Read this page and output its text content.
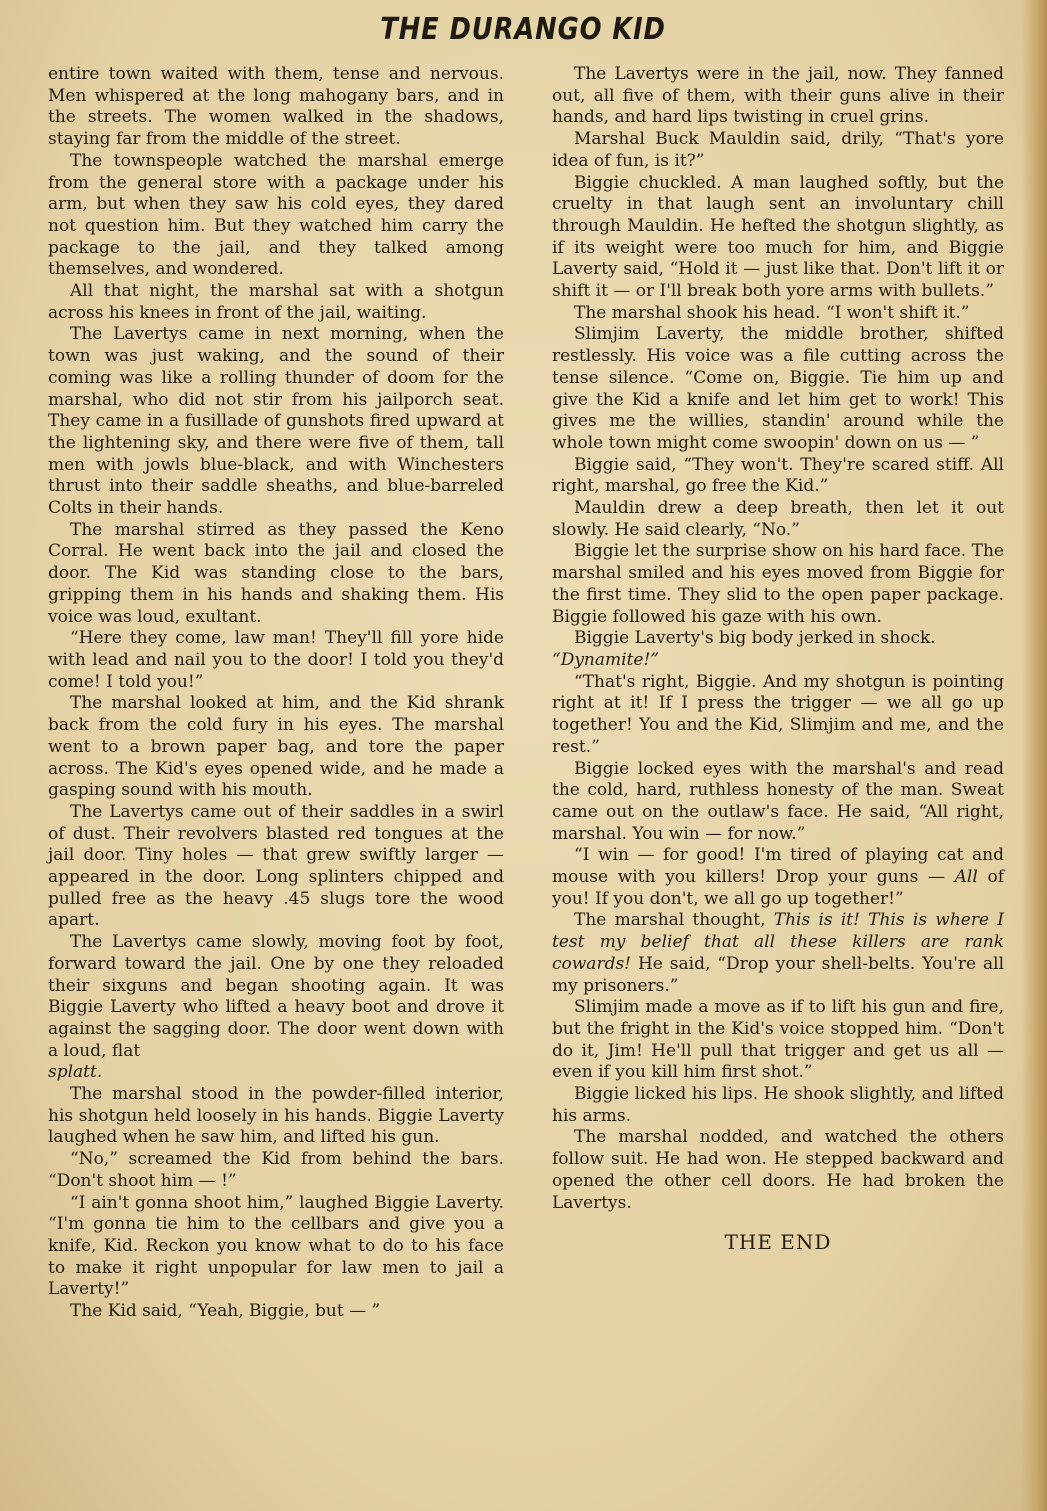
THE DURANGO KID

entire town waited with them, tense and nervous. Men whispered at the long mahogany bars, and in the streets. The women walked in the shadows, staying far from the middle of the street.

The townspeople watched the marshal emerge from the general store with a package under his arm, but when they saw his cold eyes, they dared not question him. But they watched him carry the package to the jail, and they talked among themselves, and wondered.

All that night, the marshal sat with a shotgun across his knees in front of the jail, waiting.

The Lavertys came in next morning, when the town was just waking, and the sound of their coming was like a rolling thunder of doom for the marshal, who did not stir from his jailporch seat. They came in a fusillade of gunshots fired upward at the lightening sky, and there were five of them, tall men with jowls blue-black, and with Winchesters thrust into their saddle sheaths, and blue-barreled Colts in their hands.

The marshal stirred as they passed the Keno Corral. He went back into the jail and closed the door. The Kid was standing close to the bars, gripping them in his hands and shaking them. His voice was loud, exultant.

“Here they come, law man! They'll fill yore hide with lead and nail you to the door! I told you they'd come! I told you!”

The marshal looked at him, and the Kid shrank back from the cold fury in his eyes. The marshal went to a brown paper bag, and tore the paper across. The Kid's eyes opened wide, and he made a gasping sound with his mouth.

The Lavertys came out of their saddles in a swirl of dust. Their revolvers blasted red tongues at the jail door. Tiny holes — that grew swiftly larger — appeared in the door. Long splinters chipped and pulled free as the heavy .45 slugs tore the wood apart.

The Lavertys came slowly, moving foot by foot, forward toward the jail. One by one they reloaded their sixguns and began shooting again. It was Biggie Laverty who lifted a heavy boot and drove it against the sagging door. The door went down with a loud, flat
splatt.

The marshal stood in the powder-filled interior, his shotgun held loosely in his hands. Biggie Laverty laughed when he saw him, and lifted his gun.

“No,” screamed the Kid from behind the bars. “Don't shoot him — !”

“I ain't gonna shoot him,” laughed Biggie Laverty. “I'm gonna tie him to the cellbars and give you a knife, Kid. Reckon you know what to do to his face to make it right unpopular for law men to jail a Laverty!”

The Kid said, “Yeah, Biggie, but — ”

The Lavertys were in the jail, now. They fanned out, all five of them, with their guns alive in their hands, and hard lips twisting in cruel grins.

Marshal Buck Mauldin said, drily, “That's yore idea of fun, is it?”

Biggie chuckled. A man laughed softly, but the cruelty in that laugh sent an involuntary chill through Mauldin. He hefted the shotgun slightly, as if its weight were too much for him, and Biggie Laverty said, “Hold it — just like that. Don't lift it or shift it — or I'll break both yore arms with bullets.”

The marshal shook his head. “I won't shift it.”

Slimjim Laverty, the middle brother, shifted restlessly. His voice was a file cutting across the tense silence. “Come on, Biggie. Tie him up and give the Kid a knife and let him get to work! This gives me the willies, standin' around while the whole town might come swoopin' down on us — ”

Biggie said, “They won't. They're scared stiff. All right, marshal, go free the Kid.”

Mauldin drew a deep breath, then let it out slowly. He said clearly, “No.”

Biggie let the surprise show on his hard face. The marshal smiled and his eyes moved from Biggie for the first time. They slid to the open paper package. Biggie followed his gaze with his own.

Biggie Laverty's big body jerked in shock.
“Dynamite!”

“That's right, Biggie. And my shotgun is pointing right at it! If I press the trigger — we all go up together! You and the Kid, Slimjim and me, and the rest.”

Biggie locked eyes with the marshal's and read the cold, hard, ruthless honesty of the man. Sweat came out on the outlaw's face. He said, “All right, marshal. You win — for now.”

“I win — for good! I'm tired of playing cat and mouse with you killers! Drop your guns — All of you! If you don't, we all go up together!”

The marshal thought, This is it! This is where I test my belief that all these killers are rank cowards! He said, “Drop your shell-belts. You're all my prisoners.”

Slimjim made a move as if to lift his gun and fire, but the fright in the Kid's voice stopped him. “Don't do it, Jim! He'll pull that trigger and get us all — even if you kill him first shot.”

Biggie licked his lips. He shook slightly, and lifted his arms.

The marshal nodded, and watched the others follow suit. He had won. He stepped backward and opened the other cell doors. He had broken the Lavertys.

THE END
